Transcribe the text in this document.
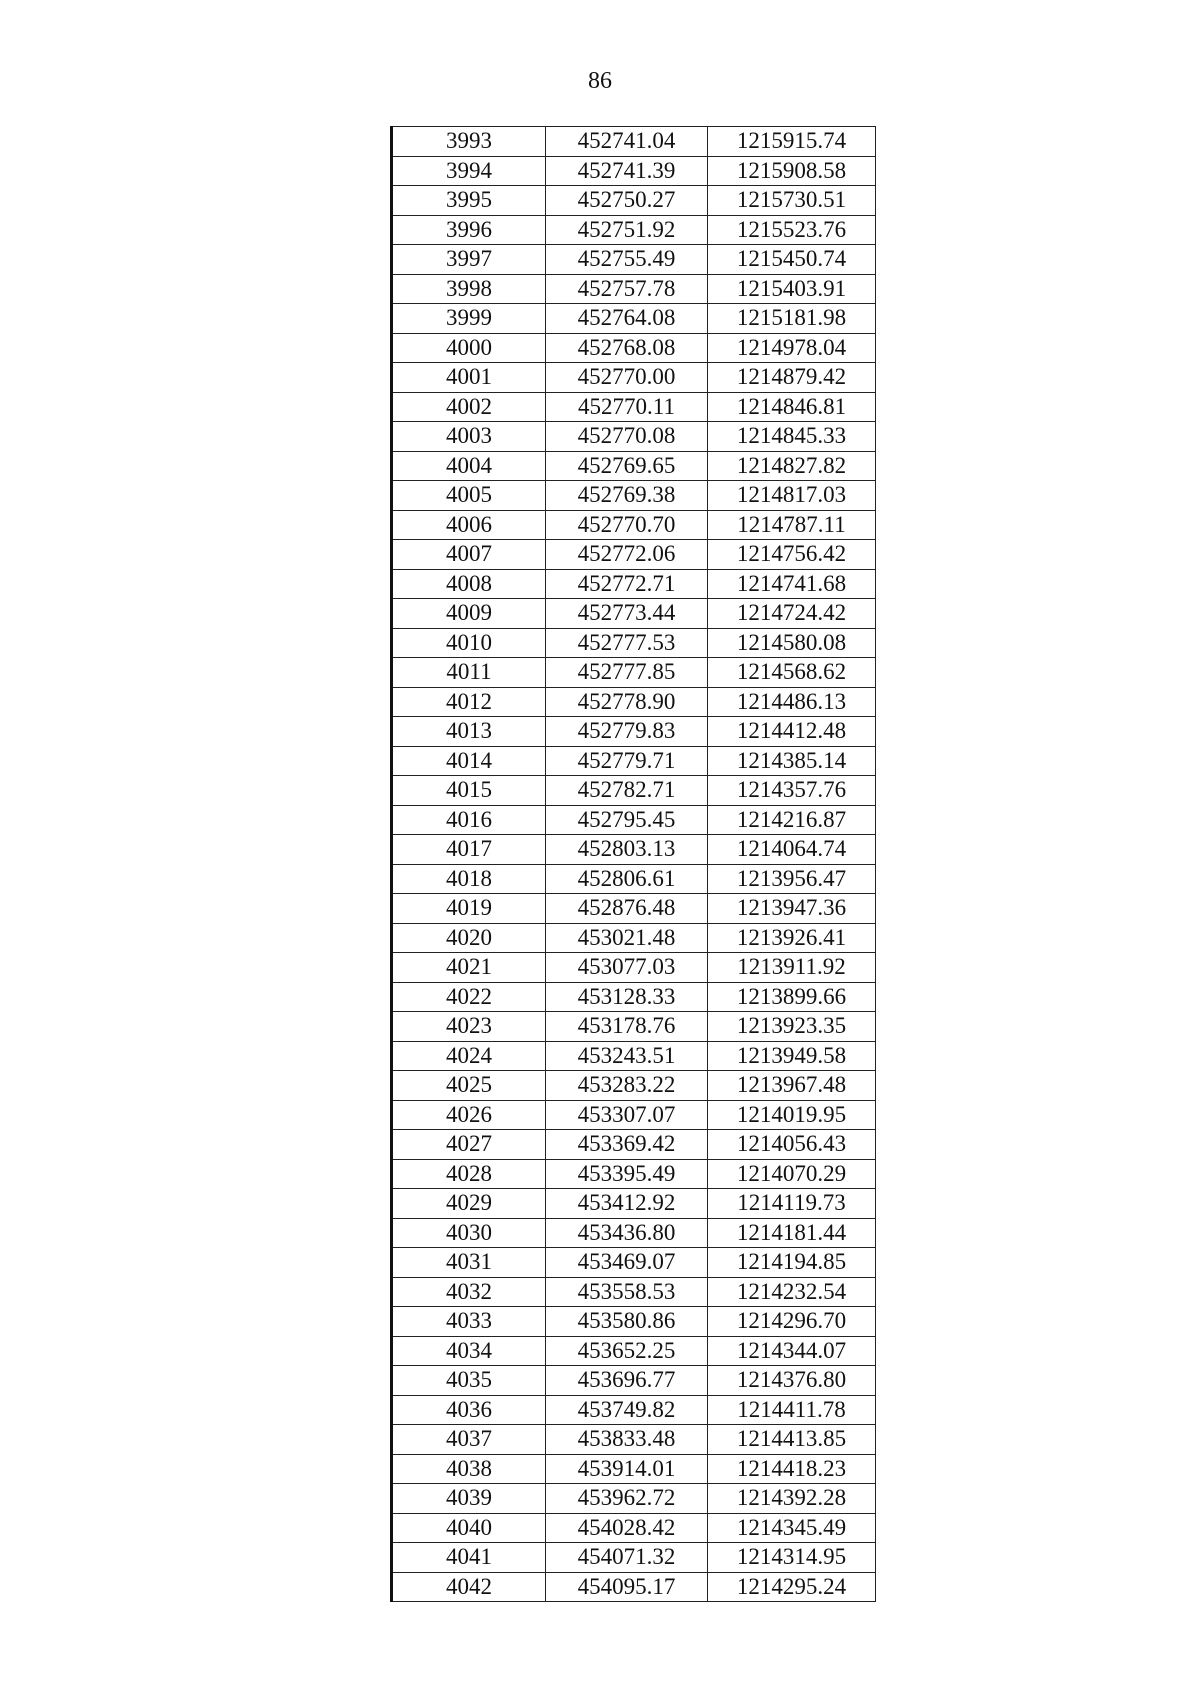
86
3993	452741.04	1215915.74
3994	452741.39	1215908.58
3995	452750.27	1215730.51
3996	452751.92	1215523.76
3997	452755.49	1215450.74
3998	452757.78	1215403.91
3999	452764.08	1215181.98
4000	452768.08	1214978.04
4001	452770.00	1214879.42
4002	452770.11	1214846.81
4003	452770.08	1214845.33
4004	452769.65	1214827.82
4005	452769.38	1214817.03
4006	452770.70	1214787.11
4007	452772.06	1214756.42
4008	452772.71	1214741.68
4009	452773.44	1214724.42
4010	452777.53	1214580.08
4011	452777.85	1214568.62
4012	452778.90	1214486.13
4013	452779.83	1214412.48
4014	452779.71	1214385.14
4015	452782.71	1214357.76
4016	452795.45	1214216.87
4017	452803.13	1214064.74
4018	452806.61	1213956.47
4019	452876.48	1213947.36
4020	453021.48	1213926.41
4021	453077.03	1213911.92
4022	453128.33	1213899.66
4023	453178.76	1213923.35
4024	453243.51	1213949.58
4025	453283.22	1213967.48
4026	453307.07	1214019.95
4027	453369.42	1214056.43
4028	453395.49	1214070.29
4029	453412.92	1214119.73
4030	453436.80	1214181.44
4031	453469.07	1214194.85
4032	453558.53	1214232.54
4033	453580.86	1214296.70
4034	453652.25	1214344.07
4035	453696.77	1214376.80
4036	453749.82	1214411.78
4037	453833.48	1214413.85
4038	453914.01	1214418.23
4039	453962.72	1214392.28
4040	454028.42	1214345.49
4041	454071.32	1214314.95
4042	454095.17	1214295.24
